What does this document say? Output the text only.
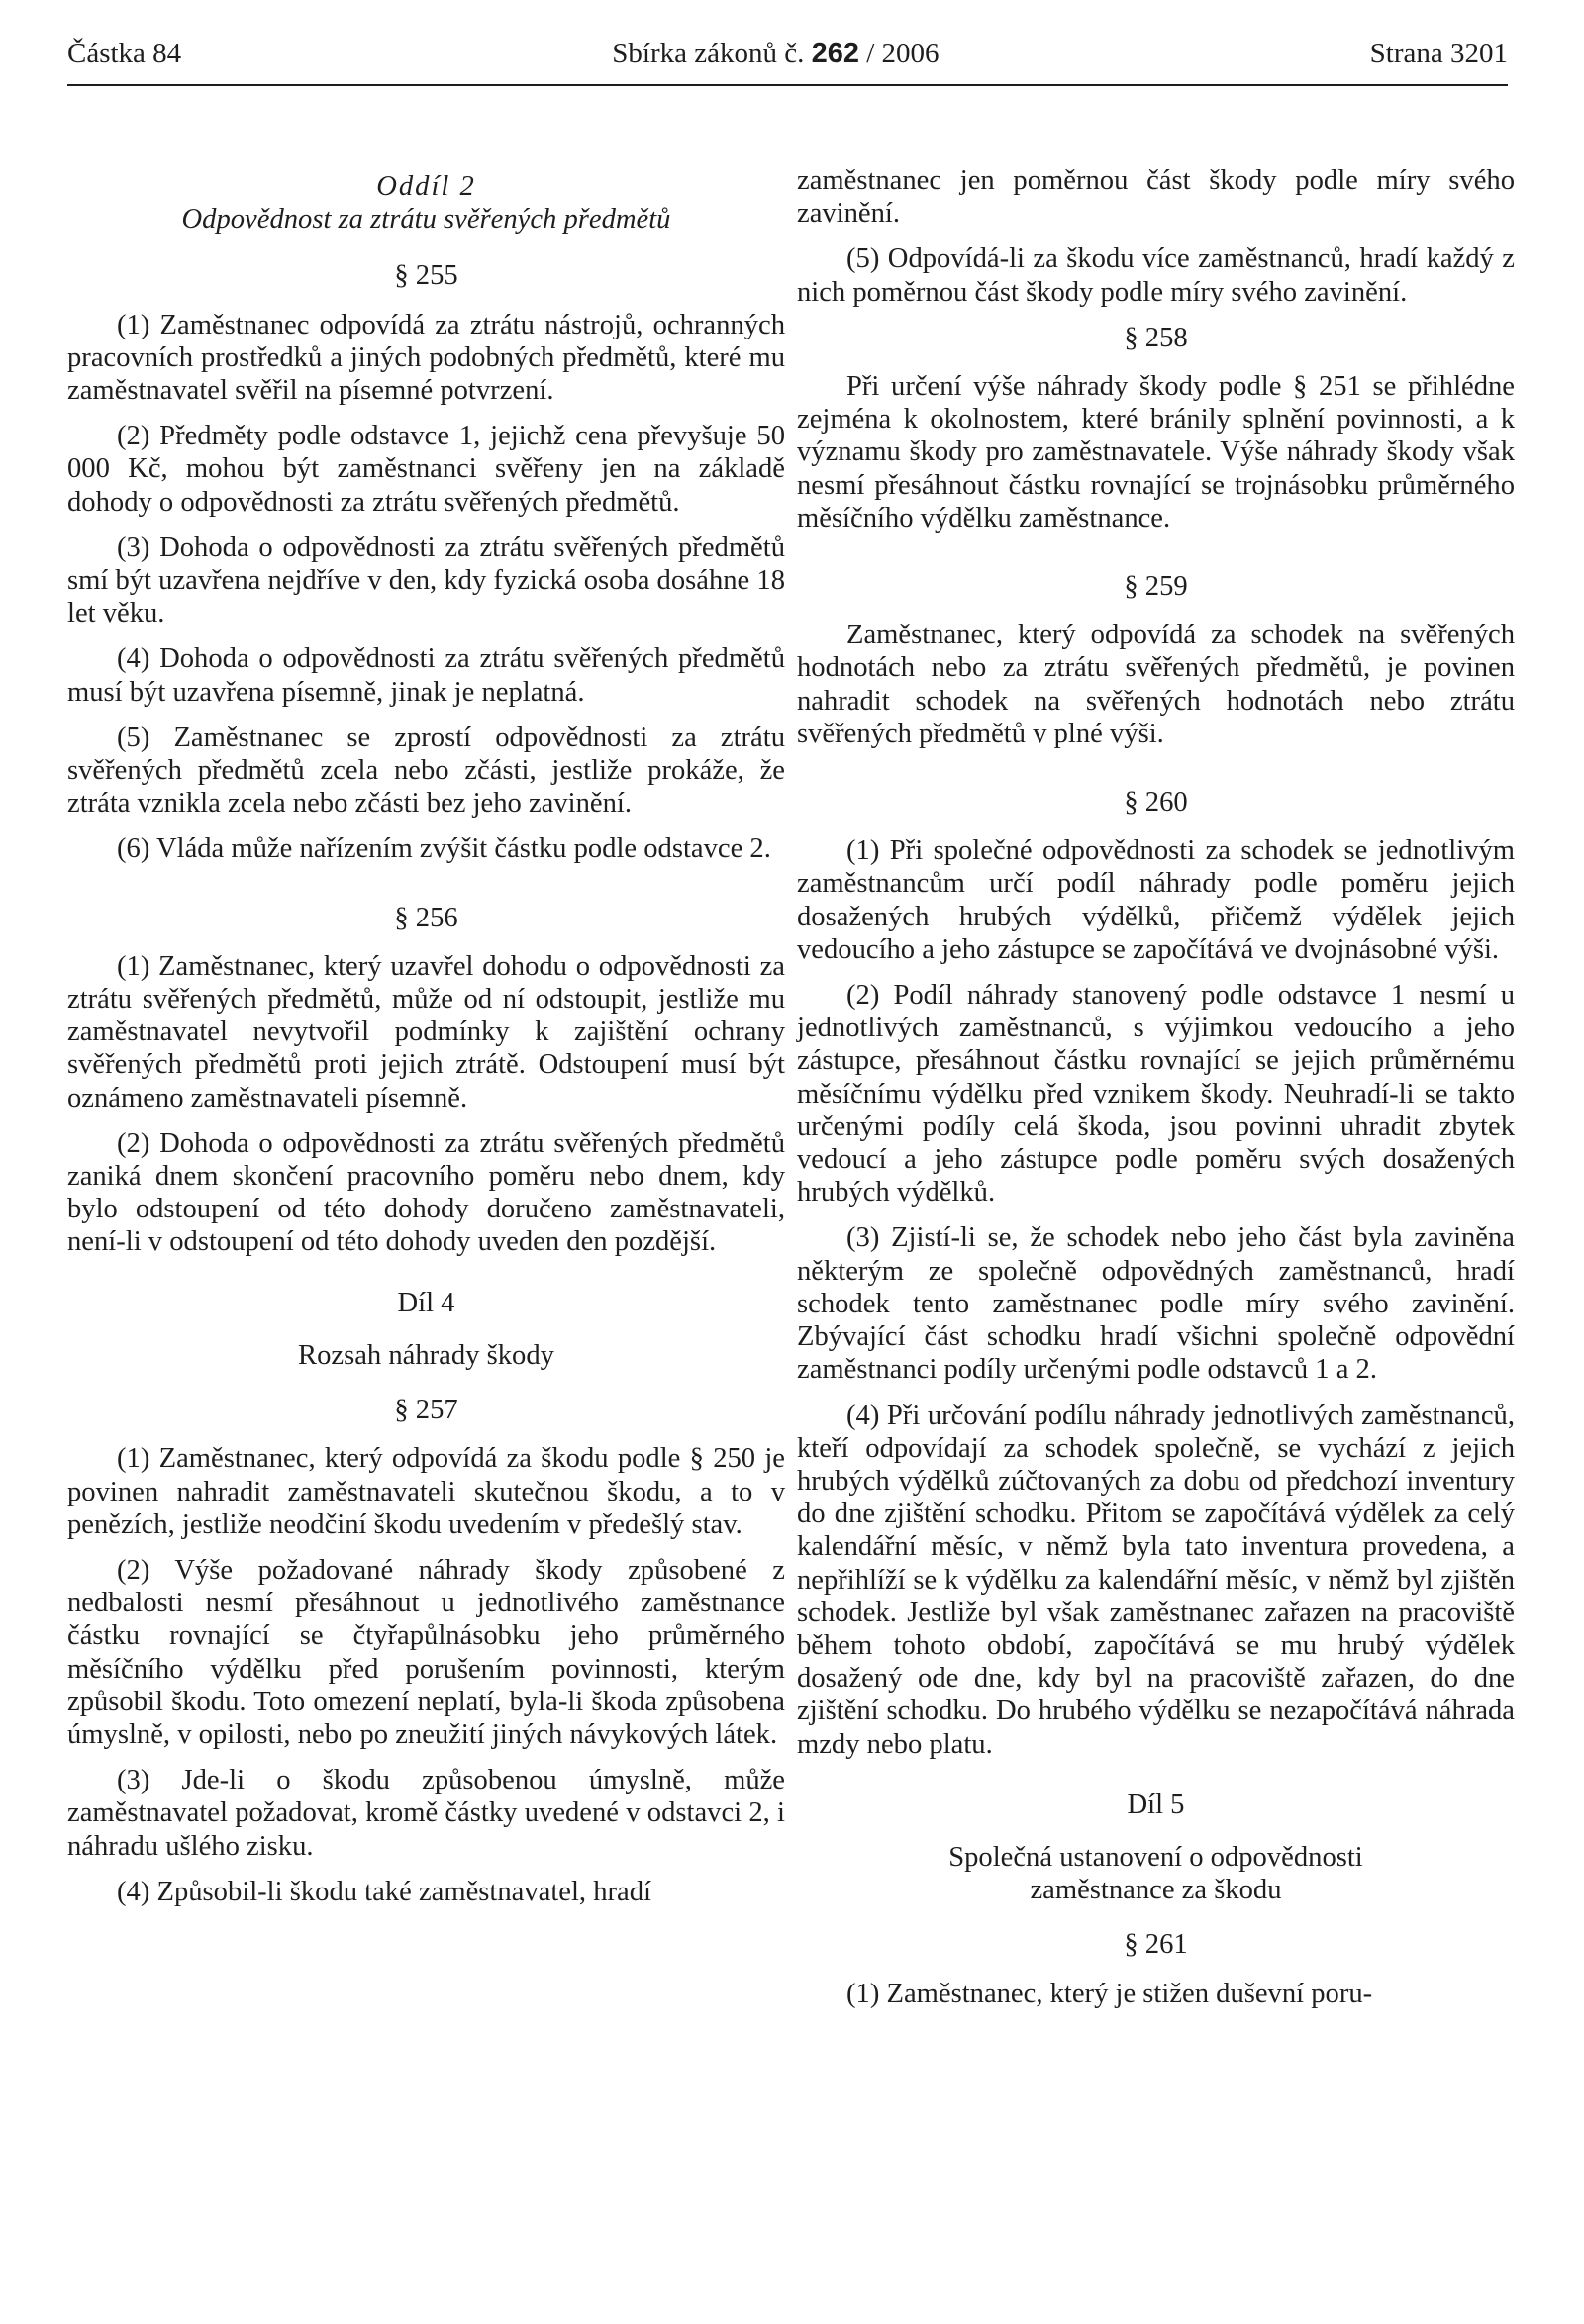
Částka 84	Sbírka zákonů č. 262 / 2006	Strana 3201
Oddíl 2
Odpovědnost za ztrátu svěřených předmětů
§ 255

(1) Zaměstnanec odpovídá za ztrátu nástrojů, ochranných pracovních prostředků a jiných podobných předmětů, které mu zaměstnavatel svěřil na písemné potvrzení.

(2) Předměty podle odstavce 1, jejichž cena převyšuje 50 000 Kč, mohou být zaměstnanci svěřeny jen na základě dohody o odpovědnosti za ztrátu svěřených předmětů.

(3) Dohoda o odpovědnosti za ztrátu svěřených předmětů smí být uzavřena nejdříve v den, kdy fyzická osoba dosáhne 18 let věku.

(4) Dohoda o odpovědnosti za ztrátu svěřených předmětů musí být uzavřena písemně, jinak je neplatná.

(5) Zaměstnanec se zprostí odpovědnosti za ztrátu svěřených předmětů zcela nebo zčásti, jestliže prokáže, že ztráta vznikla zcela nebo zčásti bez jeho zavinění.

(6) Vláda může nařízením zvýšit částku podle odstavce 2.

§ 256

(1) Zaměstnanec, který uzavřel dohodu o odpovědnosti za ztrátu svěřených předmětů, může od ní odstoupit, jestliže mu zaměstnavatel nevytvořil podmínky k zajištění ochrany svěřených předmětů proti jejich ztrátě. Odstoupení musí být oznámeno zaměstnavateli písemně.

(2) Dohoda o odpovědnosti za ztrátu svěřených předmětů zaniká dnem skončení pracovního poměru nebo dnem, kdy bylo odstoupení od této dohody doručeno zaměstnavateli, není-li v odstoupení od této dohody uveden den pozdější.

Díl 4
Rozsah náhrady škody
§ 257

(1) Zaměstnanec, který odpovídá za škodu podle § 250 je povinen nahradit zaměstnavateli skutečnou škodu, a to v penězích, jestliže neodčiní škodu uvedením v předešlý stav.

(2) Výše požadované náhrady škody způsobené z nedbalosti nesmí přesáhnout u jednotlivého zaměstnance částku rovnající se čtyřapůlnásobku jeho průměrného měsíčního výdělku před porušením povinnosti, kterým způsobil škodu. Toto omezení neplatí, byla-li škoda způsobena úmyslně, v opilosti, nebo po zneužití jiných návykových látek.

(3) Jde-li o škodu způsobenou úmyslně, může zaměstnavatel požadovat, kromě částky uvedené v odstavci 2, i náhradu ušlého zisku.

(4) Způsobil-li škodu také zaměstnavatel, hradí

zaměstnanec jen poměrnou část škody podle míry svého zavinění.

(5) Odpovídá-li za škodu více zaměstnanců, hradí každý z nich poměrnou část škody podle míry svého zavinění.

§ 258

Při určení výše náhrady škody podle § 251 se přihlédne zejména k okolnostem, které bránily splnění povinnosti, a k významu škody pro zaměstnavatele. Výše náhrady škody však nesmí přesáhnout částku rovnající se trojnásobku průměrného měsíčního výdělku zaměstnance.

§ 259

Zaměstnanec, který odpovídá za schodek na svěřených hodnotách nebo za ztrátu svěřených předmětů, je povinen nahradit schodek na svěřených hodnotách nebo ztrátu svěřených předmětů v plné výši.

§ 260

(1) Při společné odpovědnosti za schodek se jednotlivým zaměstnancům určí podíl náhrady podle poměru jejich dosažených hrubých výdělků, přičemž výdělek jejich vedoucího a jeho zástupce se započítává ve dvojnásobné výši.

(2) Podíl náhrady stanovený podle odstavce 1 nesmí u jednotlivých zaměstnanců, s výjimkou vedoucího a jeho zástupce, přesáhnout částku rovnající se jejich průměrnému měsíčnímu výdělku před vznikem škody. Neuhradí-li se takto určenými podíly celá škoda, jsou povinni uhradit zbytek vedoucí a jeho zástupce podle poměru svých dosažených hrubých výdělků.

(3) Zjistí-li se, že schodek nebo jeho část byla zaviněna některým ze společně odpovědných zaměstnanců, hradí schodek tento zaměstnanec podle míry svého zavinění. Zbývající část schodku hradí všichni společně odpovědní zaměstnanci podíly určenými podle odstavců 1 a 2.

(4) Při určování podílu náhrady jednotlivých zaměstnanců, kteří odpovídají za schodek společně, se vychází z jejich hrubých výdělků zúčtovaných za dobu od předchozí inventury do dne zjištění schodku. Přitom se započítává výdělek za celý kalendářní měsíc, v němž byla tato inventura provedena, a nepřihlíží se k výdělku za kalendářní měsíc, v němž byl zjištěn schodek. Jestliže byl však zaměstnanec zařazen na pracoviště během tohoto období, započítává se mu hrubý výdělek dosažený ode dne, kdy byl na pracoviště zařazen, do dne zjištění schodku. Do hrubého výdělku se nezapočítává náhrada mzdy nebo platu.

Díl 5
Společná ustanovení o odpovědnosti
zaměstnance za škodu
§ 261

(1) Zaměstnanec, který je stižen duševní poru-
